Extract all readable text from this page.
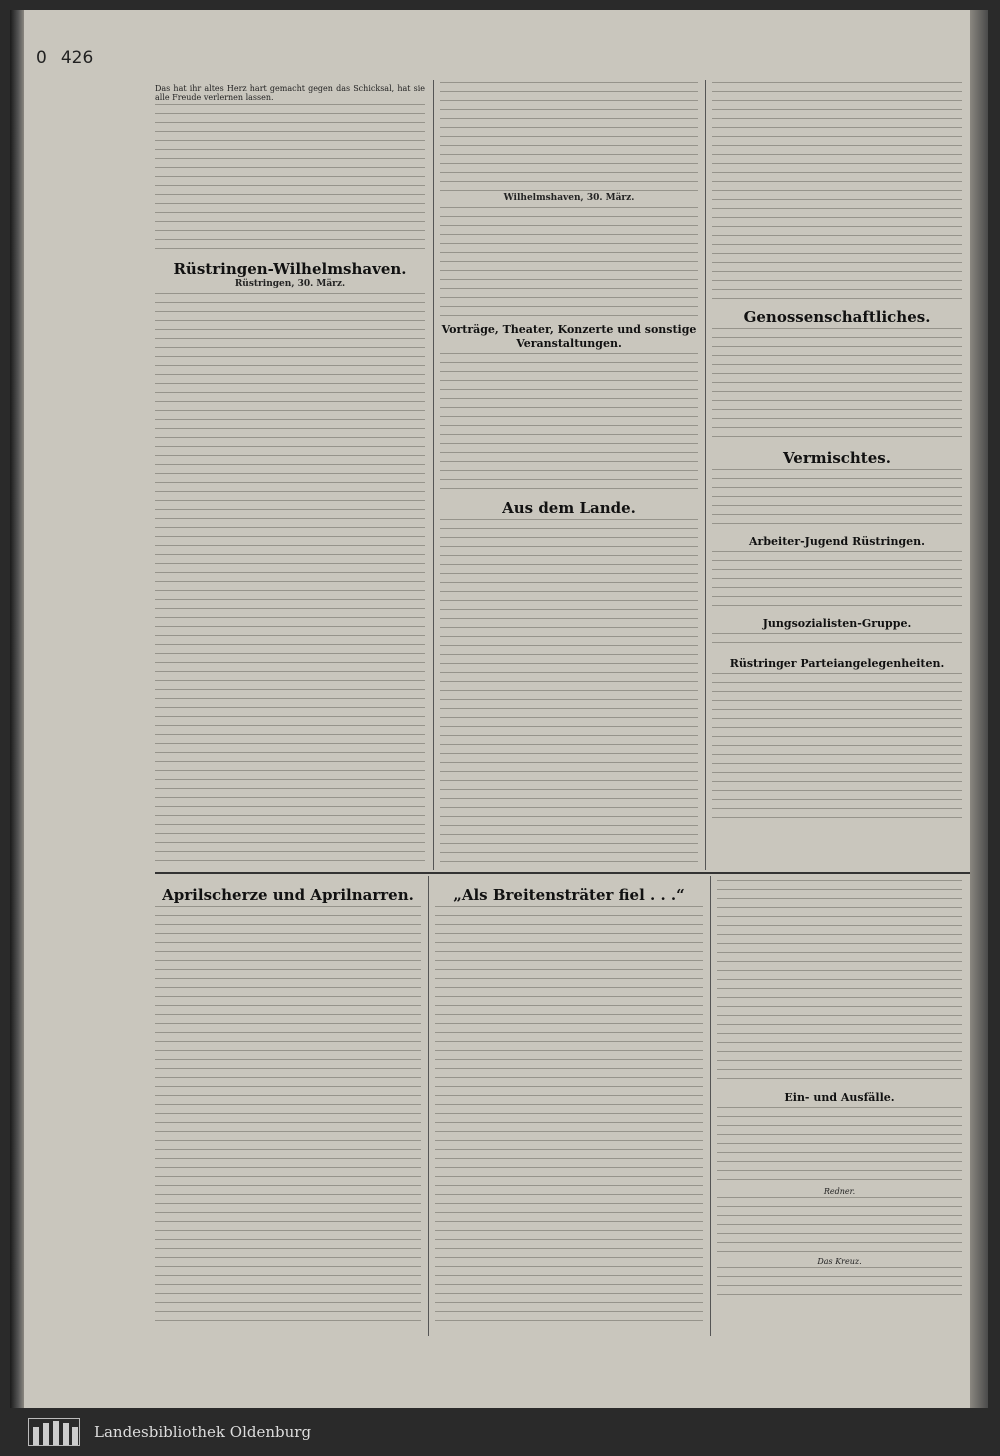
0 426
Das hat ihr altes Herz hart gemacht gegen das Schicksal, hat sie alle Freude verlernen lassen.
Rüstringen-Wilhelmshaven.
Rüstringen, 30. März.
Wilhelmshaven, 30. März.
Vorträge, Theater, Konzerte und sonstige Veranstaltungen.
Aus dem Lande.
Genossenschaftliches.
Vermischtes.
Arbeiter-Jugend Rüstringen.
Jungsozialisten-Gruppe.
Rüstringer Parteiangelegenheiten.
Aprilscherze und Aprilnarren.	„Als Breitensträter fiel . . .“
Ein- und Ausfälle.
Redner.
Das Kreuz.
Landesbibliothek Oldenburg
